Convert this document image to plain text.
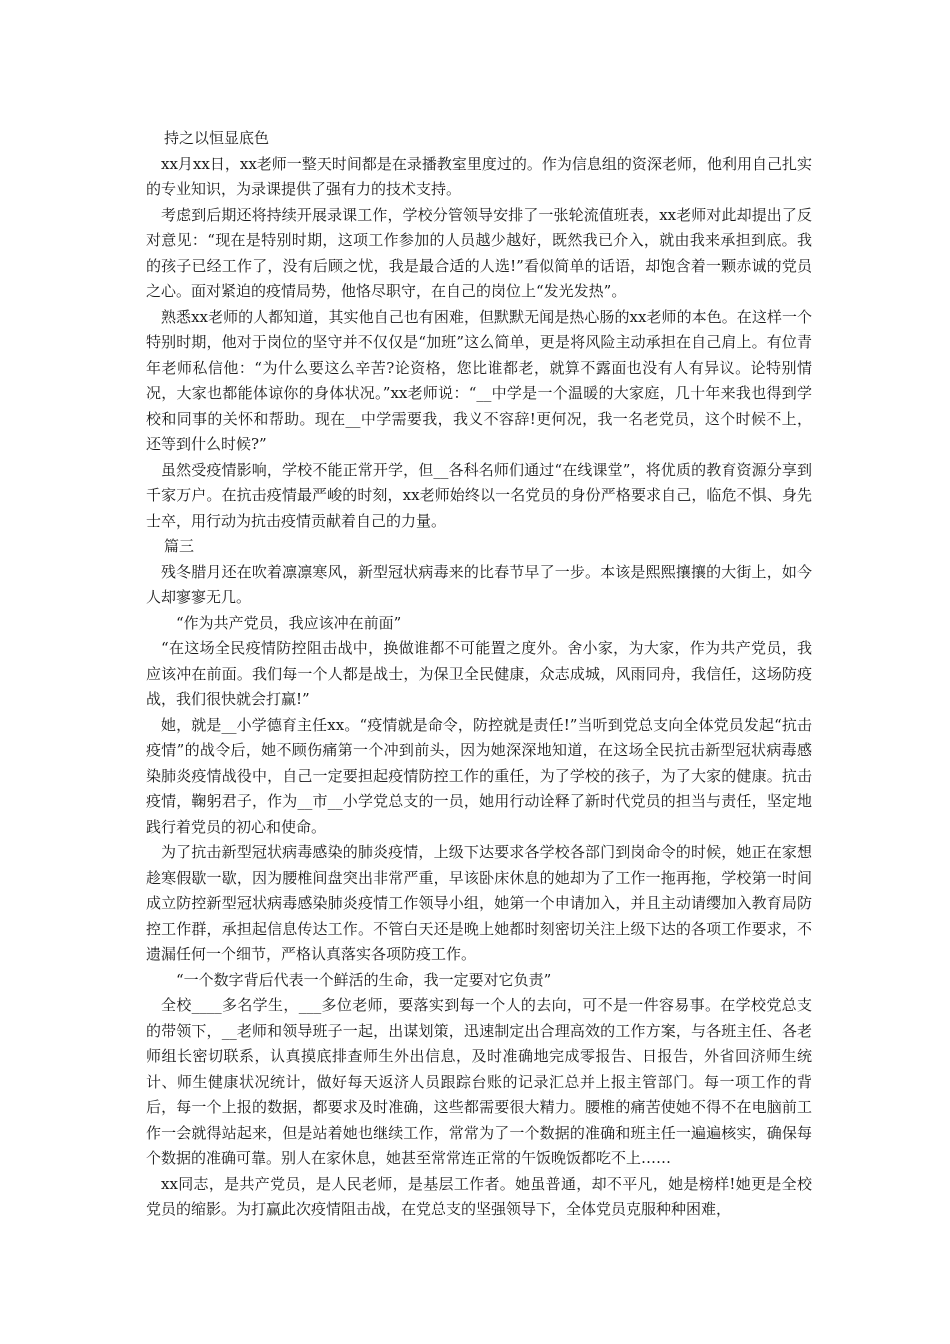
持之以恒显底色

xx月xx日，xx老师一整天时间都是在录播教室里度过的。作为信息组的资深老师，他利用自己扎实的专业知识，为录课提供了强有力的技术支持。

考虑到后期还将持续开展录课工作，学校分管领导安排了一张轮流值班表，xx老师对此却提出了反对意见：“现在是特别时期，这项工作参加的人员越少越好，既然我已介入，就由我来承担到底。我的孩子已经工作了，没有后顾之忧，我是最合适的人选!”看似简单的话语，却饱含着一颗赤诚的党员之心。面对紧迫的疫情局势，他恪尽职守，在自己的岗位上“发光发热”。

熟悉xx老师的人都知道，其实他自己也有困难，但默默无闻是热心肠的xx老师的本色。在这样一个特别时期，他对于岗位的坚守并不仅仅是“加班”这么简单，更是将风险主动承担在自己肩上。有位青年老师私信他：“为什么要这么辛苦?论资格，您比谁都老，就算不露面也没有人有异议。论特别情况，大家也都能体谅你的身体状况。”xx老师说：“__中学是一个温暖的大家庭，几十年来我也得到学校和同事的关怀和帮助。现在__中学需要我，我义不容辞!更何况，我一名老党员，这个时候不上，还等到什么时候?”

虽然受疫情影响，学校不能正常开学，但__各科名师们通过“在线课堂”，将优质的教育资源分享到千家万户。在抗击疫情最严峻的时刻，xx老师始终以一名党员的身份严格要求自己，临危不惧、身先士卒，用行动为抗击疫情贡献着自己的力量。

篇三

残冬腊月还在吹着凛凛寒风，新型冠状病毒来的比春节早了一步。本该是熙熙攘攘的大街上，如今人却寥寥无几。

“作为共产党员，我应该冲在前面”

“在这场全民疫情防控阻击战中，换做谁都不可能置之度外。舍小家，为大家，作为共产党员，我应该冲在前面。我们每一个人都是战士，为保卫全民健康，众志成城，风雨同舟，我信任，这场防疫战，我们很快就会打赢!”

她，就是__小学德育主任xx。“疫情就是命令，防控就是责任!”当听到党总支向全体党员发起“抗击疫情”的战令后，她不顾伤痛第一个冲到前头，因为她深深地知道，在这场全民抗击新型冠状病毒感染肺炎疫情战役中，自己一定要担起疫情防控工作的重任，为了学校的孩子，为了大家的健康。抗击疫情，鞠躬君子，作为__市__小学党总支的一员，她用行动诠释了新时代党员的担当与责任，坚定地践行着党员的初心和使命。

为了抗击新型冠状病毒感染的肺炎疫情，上级下达要求各学校各部门到岗命令的时候，她正在家想趁寒假歇一歇，因为腰椎间盘突出非常严重，早该卧床休息的她却为了工作一拖再拖，学校第一时间成立防控新型冠状病毒感染肺炎疫情工作领导小组，她第一个申请加入，并且主动请缨加入教育局防控工作群，承担起信息传达工作。不管白天还是晚上她都时刻密切关注上级下达的各项工作要求，不遗漏任何一个细节，严格认真落实各项防疫工作。

“一个数字背后代表一个鲜活的生命，我一定要对它负责”

全校____多名学生，___多位老师，要落实到每一个人的去向，可不是一件容易事。在学校党总支的带领下，__老师和领导班子一起，出谋划策，迅速制定出合理高效的工作方案，与各班主任、各老师组长密切联系，认真摸底排查师生外出信息，及时准确地完成零报告、日报告，外省回济师生统计、师生健康状况统计，做好每天返济人员跟踪台账的记录汇总并上报主管部门。每一项工作的背后，每一个上报的数据，都要求及时准确，这些都需要很大精力。腰椎的痛苦使她不得不在电脑前工作一会就得站起来，但是站着她也继续工作，常常为了一个数据的准确和班主任一遍遍核实，确保每个数据的准确可靠。别人在家休息，她甚至常常连正常的午饭晚饭都吃不上……

xx同志，是共产党员，是人民老师，是基层工作者。她虽普通，却不平凡，她是榜样!她更是全校党员的缩影。为打赢此次疫情阻击战，在党总支的坚强领导下，全体党员克服种种困难，
